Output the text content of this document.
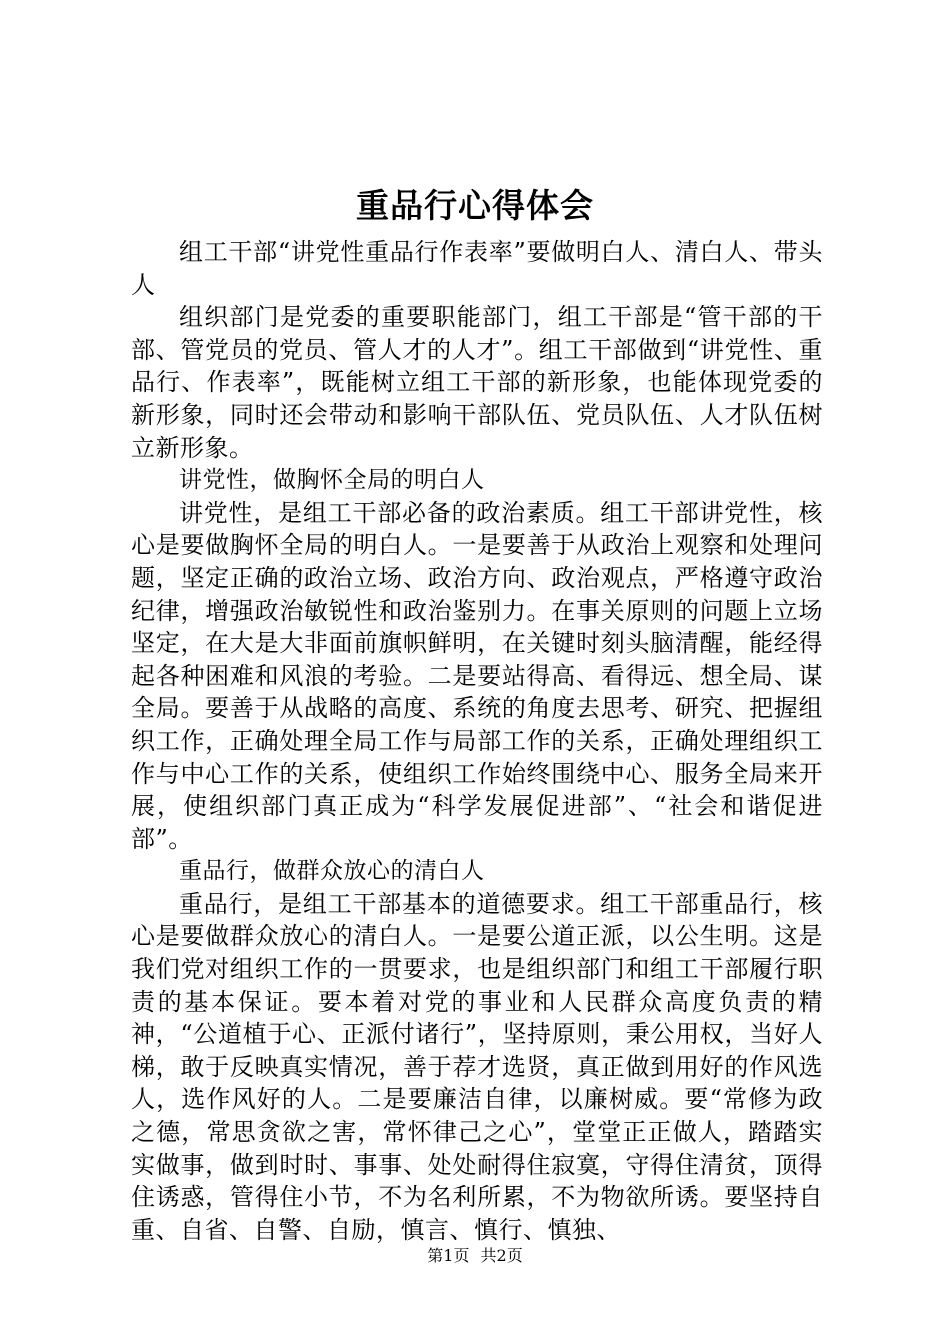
重品行心得体会

组工干部“讲党性重品行作表率”要做明白人、清白人、带头人

组织部门是党委的重要职能部门，组工干部是“管干部的干部、管党员的党员、管人才的人才”。组工干部做到“讲党性、重品行、作表率”，既能树立组工干部的新形象，也能体现党委的新形象，同时还会带动和影响干部队伍、党员队伍、人才队伍树立新形象。

讲党性，做胸怀全局的明白人

讲党性，是组工干部必备的政治素质。组工干部讲党性，核心是要做胸怀全局的明白人。一是要善于从政治上观察和处理问题，坚定正确的政治立场、政治方向、政治观点，严格遵守政治纪律，增强政治敏锐性和政治鉴别力。在事关原则的问题上立场坚定，在大是大非面前旗帜鲜明，在关键时刻头脑清醒，能经得起各种困难和风浪的考验。二是要站得高、看得远、想全局、谋全局。要善于从战略的高度、系统的角度去思考、研究、把握组织工作，正确处理全局工作与局部工作的关系，正确处理组织工作与中心工作的关系，使组织工作始终围绕中心、服务全局来开展，使组织部门真正成为“科学发展促进部”、“社会和谐促进部”。

重品行，做群众放心的清白人

重品行，是组工干部基本的道德要求。组工干部重品行，核心是要做群众放心的清白人。一是要公道正派，以公生明。这是我们党对组织工作的一贯要求，也是组织部门和组工干部履行职责的基本保证。要本着对党的事业和人民群众高度负责的精神，“公道植于心、正派付诸行”，坚持原则，秉公用权，当好人梯，敢于反映真实情况，善于荐才选贤，真正做到用好的作风选人，选作风好的人。二是要廉洁自律，以廉树威。要“常修为政之德，常思贪欲之害，常怀律己之心”，堂堂正正做人，踏踏实实做事，做到时时、事事、处处耐得住寂寞，守得住清贫，顶得住诱惑，管得住小节，不为名利所累，不为物欲所诱。要坚持自重、自省、自警、自励，慎言、慎行、慎独、

第1页 共2页
